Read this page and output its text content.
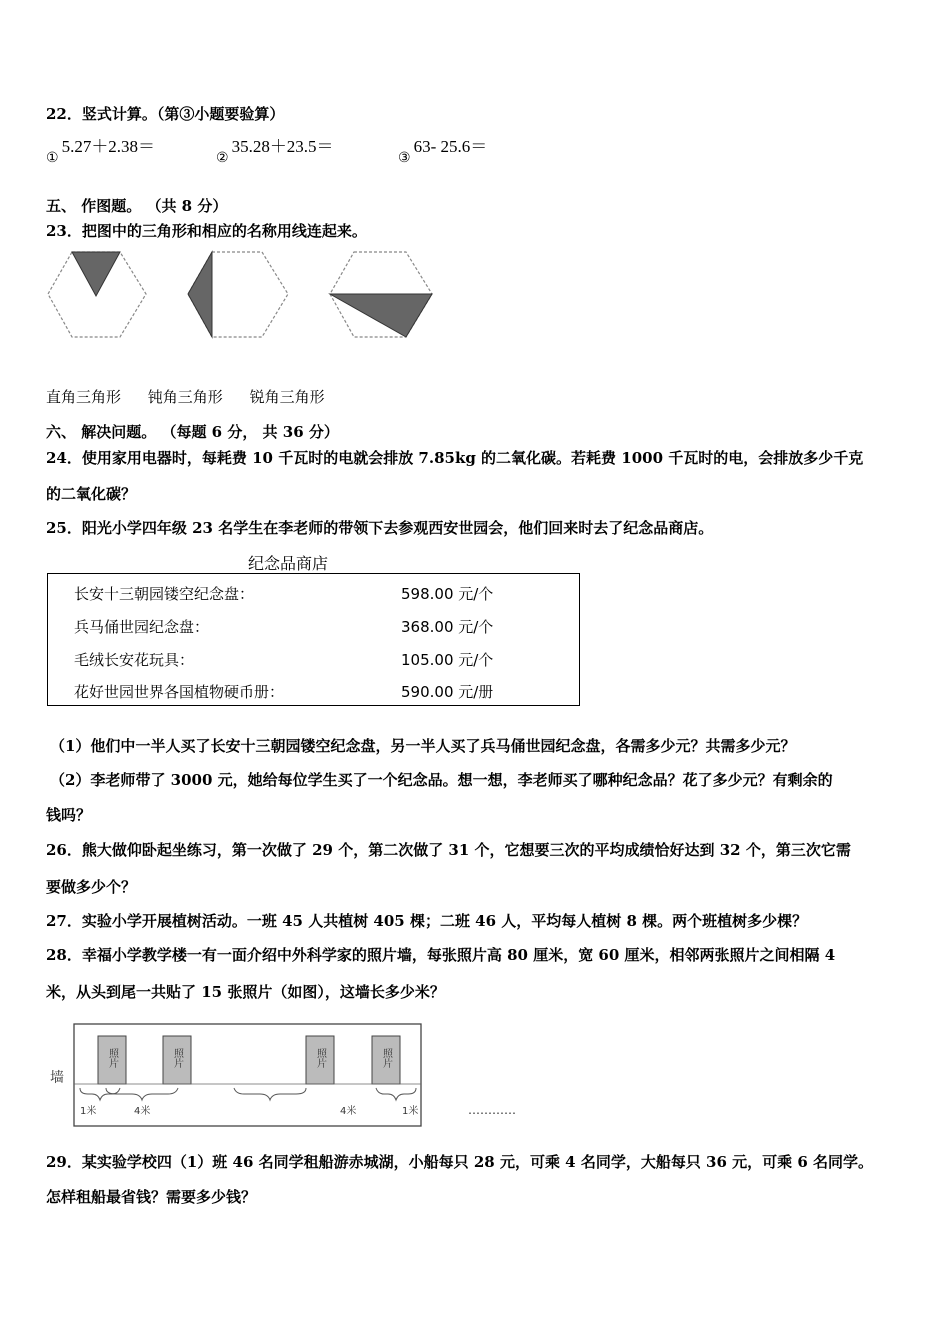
22．竖式计算。（第③小题要验算）
$_①$5.27＋2.38＝
$_②$35.28＋23.5＝
$_③$63- 25.6＝
五、 作图题。 （共 8 分）
23．把图中的三角形和相应的名称用线连起来。
直角三角形 钝角三角形 锐角三角形
六、 解决问题。 （每题 6 分， 共 36 分）
24．使用家用电器时，每耗费 10 千瓦时的电就会排放 7.85kg 的二氧化碳。若耗费 1000 千瓦时的电，会排放多少千克
的二氧化碳？
25．阳光小学四年级 23 名学生在李老师的带领下去参观西安世园会，他们回来时去了纪念品商店。
纪念品商店
长安十三朝园镂空纪念盘：	598.00 元/个
兵马俑世园纪念盘：	368.00 元/个
毛绒长安花玩具：	105.00 元/个
花好世园世界各国植物硬币册：	590.00 元/册
（1）他们中一半人买了长安十三朝园镂空纪念盘，另一半人买了兵马俑世园纪念盘，各需多少元？共需多少元？
（2）李老师带了 3000 元，她给每位学生买了一个纪念品。想一想，李老师买了哪种纪念品？花了多少元？有剩余的
钱吗？
26．熊大做仰卧起坐练习，第一次做了 29 个，第二次做了 31 个，它想要三次的平均成绩恰好达到 32 个，第三次它需
要做多少个？
27．实验小学开展植树活动。一班 45 人共植树 405 棵；二班 46 人，平均每人植树 8 棵。两个班植树多少棵？
28．幸福小学教学楼一有一面介绍中外科学家的照片墙，每张照片高 80 厘米，宽 60 厘米，相邻两张照片之间相隔 4
米，从头到尾一共贴了 15 张照片（如图），这墙长多少米？
墙
照片	照片	照片	照片
1米	4米	4米	1米	…………
29．某实验学校四（1）班 46 名同学租船游赤城湖，小船每只 28 元，可乘 4 名同学，大船每只 36 元，可乘 6 名同学。
怎样租船最省钱？需要多少钱？
